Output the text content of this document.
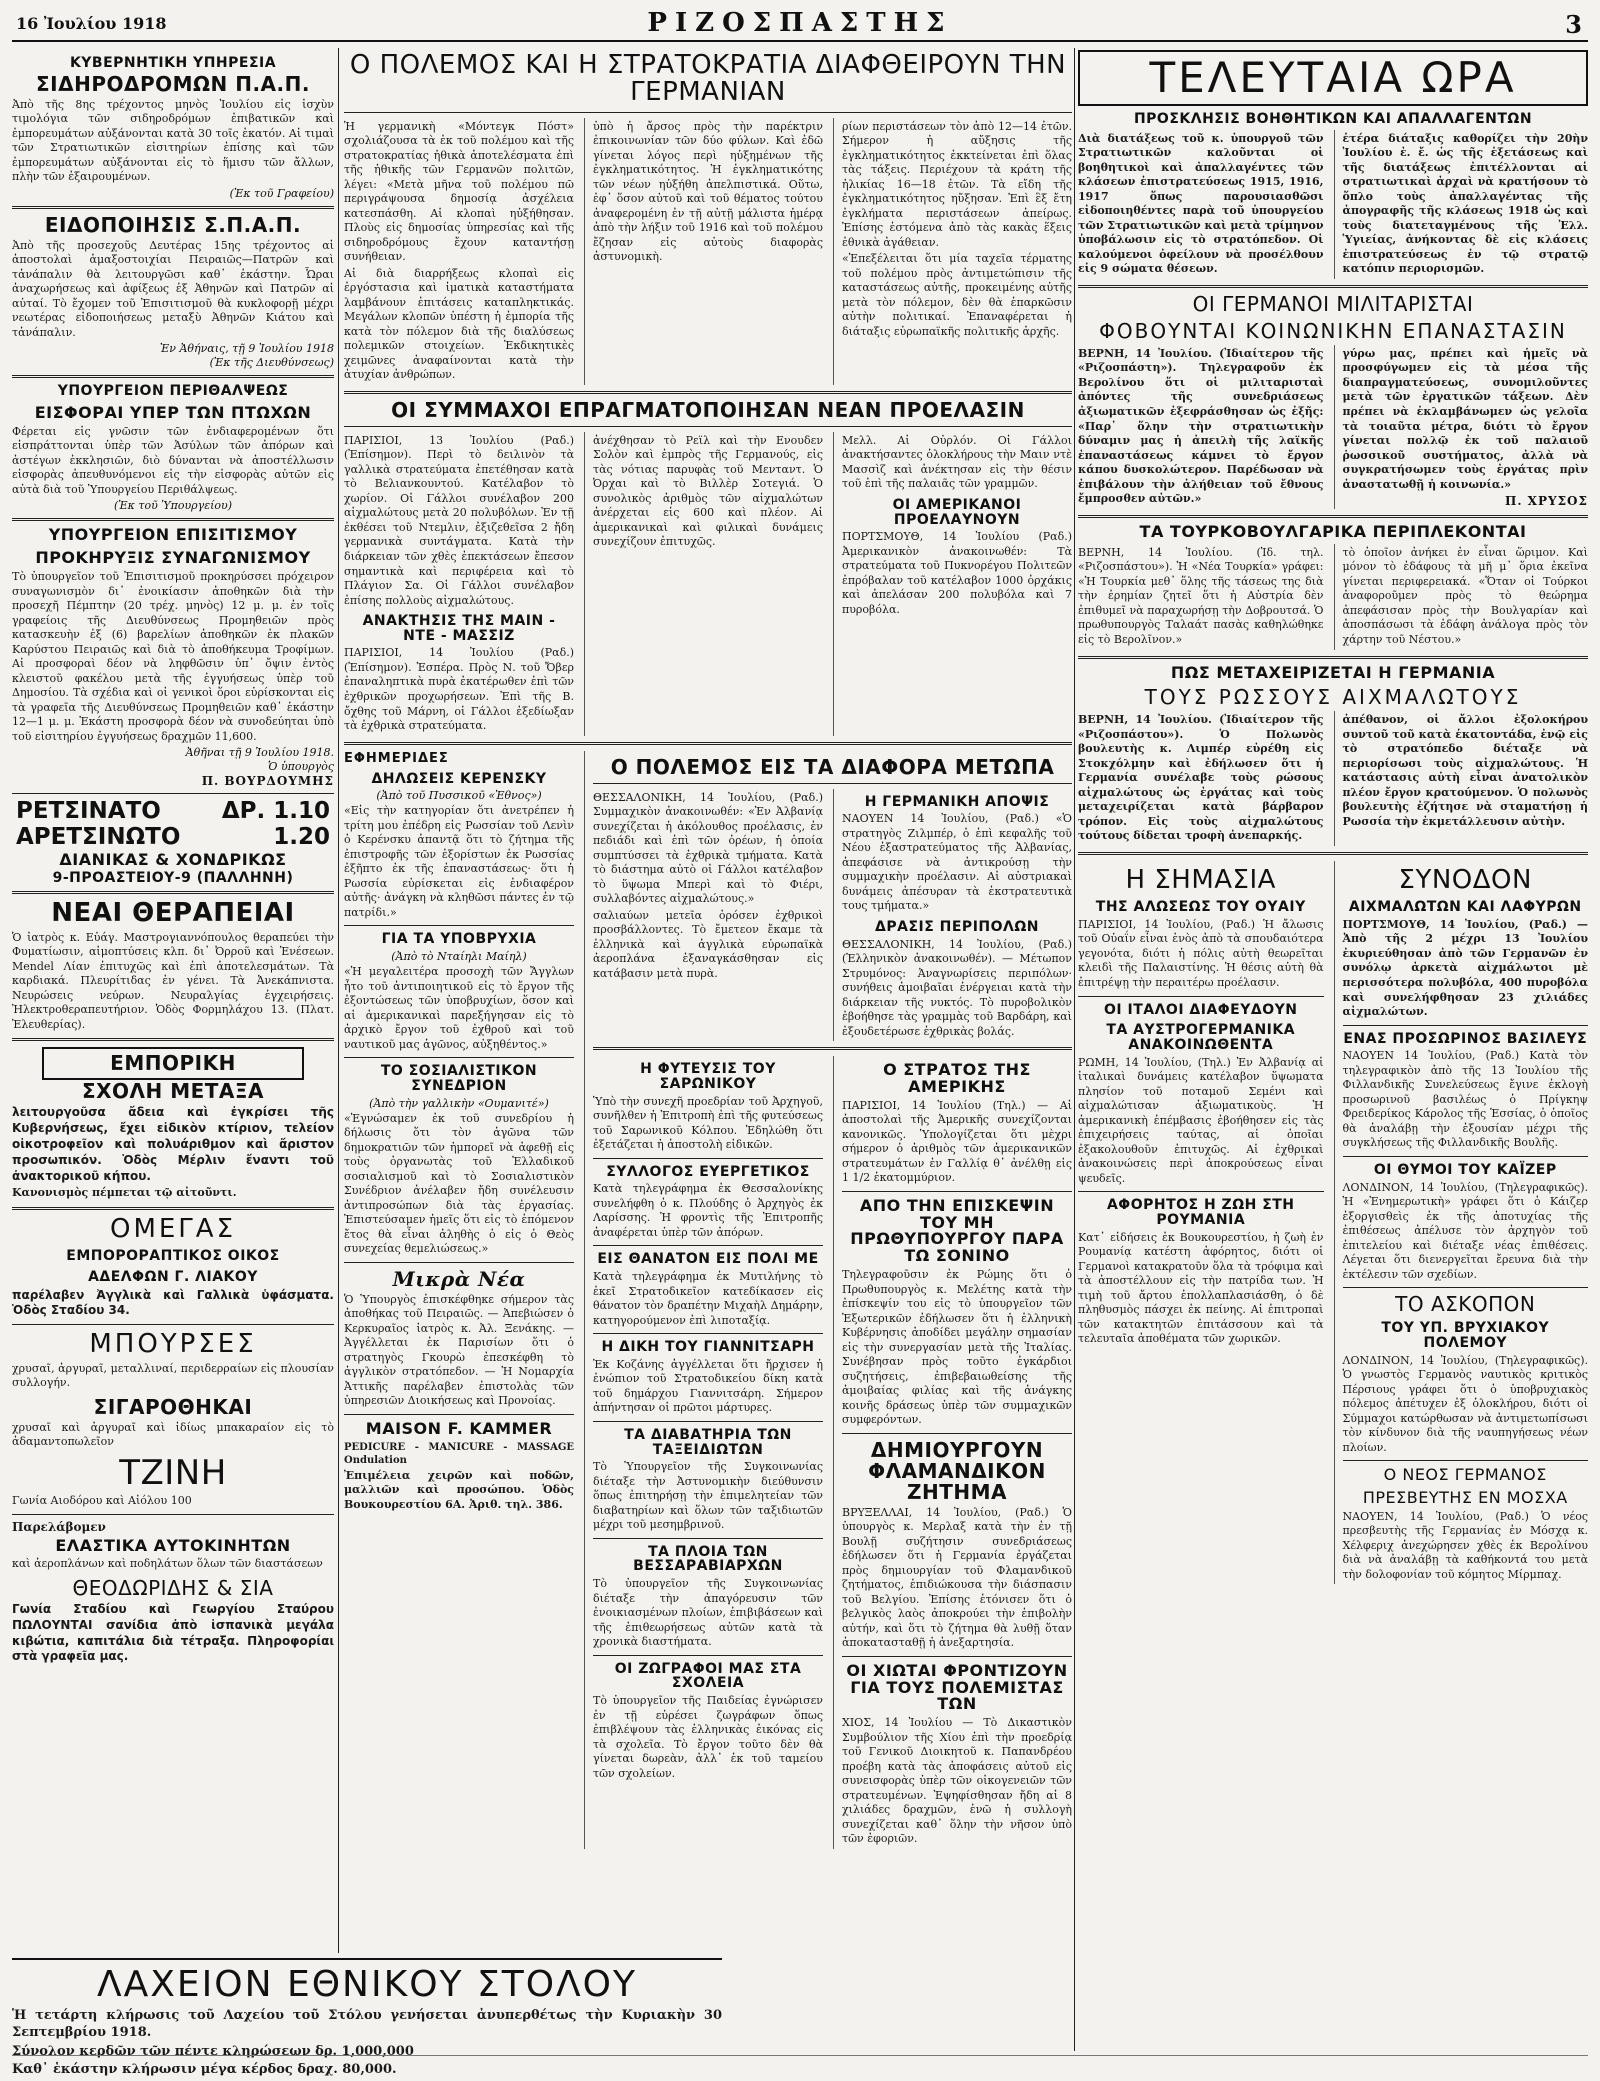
16 Ἰουλίου 1918	ΡΙΖΟΣΠΑΣΤΗΣ	3
ΚΥΒΕΡΝΗΤΙΚΗ ΥΠΗΡΕΣΙΑ
ΣΙΔΗΡΟΔΡΟΜΩΝ Π.Α.Π.

Ἀπὸ τῆς 8ης τρέχοντος μηνὸς Ἰουλίου εἰς ἰσχὺν τιμολόγια τῶν σιδηροδρόμων ἐπιβατικῶν καὶ ἐμπορευμάτων αὐξάνονται κατὰ 30 τοῖς ἑκατόν. Αἱ τιμαὶ τῶν Στρατιωτικῶν εἰσιτηρίων ἐπίσης καὶ τῶν ἐμπορευμάτων αὐξάνονται εἰς τὸ ἥμισυ τῶν ἄλλων, πλὴν τῶν ἐξαιρουμένων.

(Ἐκ τοῦ Γραφείου)

ΕΙΔΟΠΟΙΗΣΙΣ Σ.Π.Α.Π.

Ἀπὸ τῆς προσεχοῦς Δευτέρας 15ης τρέχοντος αἱ ἀποστολαὶ ἁμαξοστοιχίαι Πειραιῶς—Πατρῶν καὶ τἀνάπαλιν θὰ λειτουργῶσι καθ᾽ ἑκάστην. Ὧραι ἀναχωρήσεως καὶ ἀφίξεως ἐξ Ἀθηνῶν καὶ Πατρῶν αἱ αὐταί. Τὸ ἔχομεν τοῦ Ἐπισιτισμοῦ θὰ κυκλοφορῇ μέχρι νεωτέρας εἰδοποιήσεως μεταξὺ Ἀθηνῶν Κιάτου καὶ τἀνάπαλιν.

Ἐν Ἀθήναις, τῇ 9 Ἰουλίου 1918

(Ἐκ τῆς Διευθύνσεως)

ΥΠΟΥΡΓΕΙΟΝ ΠΕΡΙΘΑΛΨΕΩΣ
ΕΙΣΦΟΡΑΙ ΥΠΕΡ ΤΩΝ ΠΤΩΧΩΝ

Φέρεται εἰς γνῶσιν τῶν ἐνδιαφερομένων ὅτι εἰσπράττονται ὑπὲρ τῶν Ἀσύλων τῶν ἀπόρων καὶ ἀστέγων ἐκκλησιῶν, διὸ δύνανται νὰ ἀποστέλλωσιν εἰσφορὰς ἀπευθυνόμενοι εἰς τὴν εἰσφορὰς αὐτῶν εἰς αὐτὰ διὰ τοῦ Ὑπουργείου Περιθάλψεως.

(Ἐκ τοῦ Ὑπουργείου)

ΥΠΟΥΡΓΕΙΟΝ ΕΠΙΣΙΤΙΣΜΟΥ
ΠΡΟΚΗΡΥΞΙΣ ΣΥΝΑΓΩΝΙΣΜΟΥ

Τὸ ὑπουργεῖον τοῦ Ἐπισιτισμοῦ προκηρύσσει πρόχειρον συναγωνισμὸν δι᾽ ἐνοικίασιν ἀποθηκῶν διὰ τὴν προσεχῆ Πέμπτην (20 τρέχ. μηνὸς) 12 μ. μ. ἐν τοῖς γραφείοις τῆς Διευθύνσεως Προμηθειῶν πρὸς κατασκευὴν ἐξ (6) βαρελίων ἀποθηκῶν ἐκ πλακῶν Καρύστου Πειραιῶς καὶ διὰ τὸ ἀποθήκευμα Τροφίμων. Αἱ προσφοραὶ δέον νὰ ληφθῶσιν ὑπ᾽ ὄψιν ἐντὸς κλειστοῦ φακέλου μετὰ τῆς ἐγγυήσεως ὑπὲρ τοῦ Δημοσίου. Τὰ σχέδια καὶ οἱ γενικοὶ ὅροι εὑρίσκονται εἰς τὰ γραφεῖα τῆς Διευθύνσεως Προμηθειῶν καθ᾽ ἑκάστην 12—1 μ. μ. Ἑκάστη προσφορὰ δέον νὰ συνοδεύηται ὑπὸ τοῦ εἰσιτηρίου ἐγγυήσεως δραχμῶν 11,600.

Ἀθῆναι τῇ 9 Ἰουλίου 1918.

Ὁ ὑπουργὸς

Π. ΒΟΥΡΔΟΥΜΗΣ

ΡΕΤΣΙΝΑΤΟ	ΔΡ. 1.10
ΑΡΕΤΣΙΝΩΤΟ	1.20
ΔΙΑΝΙΚΑΣ & ΧΟΝΔΡΙΚΩΣ
9-ΠΡΟΑΣΤΕΙΟΥ-9 (ΠΑΛΛΗΝΗ)
ΝΕΑΙ ΘΕΡΑΠΕΙΑΙ

Ὁ ἰατρὸς κ. Εὐάγ. Μαστρογιαννόπουλος θεραπεύει τὴν Φυματίωσιν, αἱμοπτύσεις κλπ. δι᾽ Ὀρροῦ καὶ Ἐνέσεων. Mendel Λίαν ἐπιτυχῶς καὶ ἐπὶ ἀποτελεσμάτων. Τὰ καρδιακά. Πλευρίτιδας ἐν γένει. Τὰ Ἀνεκάπνιστα. Νευρώσεις νεύρων. Νευραλγίας ἐγχειρήσεις. Ἠλεκτροθεραπευτήριον. Ὁδὸς Φορμηλάχου 13. (Πλατ. Ἐλευθερίας).

ΕΜΠΟΡΙΚΗ
ΣΧΟΛΗ ΜΕΤΑΞΑ

λειτουργοῦσα ἄδεια καὶ ἐγκρίσει τῆς Κυβερνήσεως, ἔχει εἰδικὸν κτίριον, τελείον οἰκοτροφεῖον καὶ πολυάριθμον καὶ ἄριστον προσωπικόν. Ὁδὸς Μέρλιν ἔναντι τοῦ ἀνακτορικοῦ κήπου.

Κανονισμὸς πέμπεται τῷ αἰτοῦντι.

ΟΜΕΓΑΣ
ΕΜΠΟΡΟΡΑΠΤΙΚΟΣ ΟΙΚΟΣ
ΑΔΕΛΦΩΝ Γ. ΛΙΑΚΟΥ

παρέλαβεν Ἀγγλικὰ καὶ Γαλλικὰ ὑφάσματα. Ὁδὸς Σταδίου 34.

ΜΠΟΥΡΣΕΣ

χρυσαῖ, ἀργυραῖ, μεταλλιναί, περιδερραίων εἰς πλουσίαν συλλογήν.

ΣΙΓΑΡΟΘΗΚΑΙ

χρυσαῖ καὶ ἀργυραῖ καὶ ἰδίως μπακαραίον εἰς τὸ ἀδαμαντοπωλεῖον

ΤΖΙΝΗ

Γωνία Αιοδόρου καὶ Αἰόλου 100

Παρελάβομεν

ΕΛΑΣΤΙΚΑ ΑΥΤΟΚΙΝΗΤΩΝ

καὶ ἀεροπλάνων καὶ ποδηλάτων ὅλων τῶν διαστάσεων

ΘΕΟΔΩΡΙΔΗΣ & ΣΙΑ

Γωνία Σταδίου καὶ Γεωργίου Σταύρου ΠΩΛΟΥΝΤΑΙ σανίδια ἀπὸ ἰσπανικὰ μεγάλα κιβώτια, καπιτάλια διὰ τέτραξα. Πληροφορίαι στὰ γραφεῖα μας.

Ο ΠΟΛΕΜΟΣ ΚΑΙ Η ΣΤΡΑΤΟΚΡΑΤΙΑ ΔΙΑΦΘΕΙΡΟΥΝ ΤΗΝ ΓΕΡΜΑΝΙΑΝ

Ἡ γερμανικὴ «Μόντεγκ Πόστ» σχολιάζουσα τὰ ἐκ τοῦ πολέμου καὶ τῆς στρατοκρατίας ἠθικὰ ἀποτελέσματα ἐπὶ τῆς ἠθικῆς τῶν Γερμανῶν πολιτῶν, λέγει: «Μετὰ μῆνα τοῦ πολέμου πῶ περιγράψουσα δημοσίᾳ ἀσχέλεια κατεσπάσθη. Αἱ κλοπαὶ ηὐξήθησαν. Πλοὺς εἰς δημοσίας ὑπηρεσίας καὶ τῆς σιδηροδρόμους ἔχουν καταντήσῃ συνήθειαν.

Αἱ διὰ διαρρήξεως κλοπαὶ εἰς ἐργόστασια καὶ ἱματικὰ καταστήματα λαμβάνουν ἐπιτάσεις καταπληκτικάς. Μεγάλων κλοπῶν ὑπέστη ἡ ἐμπορία τῆς κατὰ τὸν πόλεμον διὰ τῆς διαλύσεως πολεμικῶν στοιχείων. Ἐκδικητικὲς χειμῶνες ἀναφαίνονται κατὰ τὴν ἀτυχίαν ἀνθρώπων.

ὑπὸ ἡ ἄρσος πρὸς τὴν παρέκτριν ἐπικοινωνίαν τῶν δύο φύλων. Καὶ ἐδῶ γίνεται λόγος περὶ ηὐξημένων τῆς ἐγκληματικότητος. Ἡ ἐγκληματικότης τῶν νέων ηὐξήθη ἀπελπιστικά. Οὕτω, ἐφ᾽ ὅσον αὐτοῦ καὶ τοῦ θέματος τούτου ἀναφερομένη ἐν τῇ αὐτῇ μάλιστα ἡμέρᾳ ἀπὸ τὴν λήξιν τοῦ 1916 καὶ τοῦ πολέμου ἔζησαν εἰς αὐτοὺς διαφορὰς ἀστυνομικὴ.

ρίων περιστάσεων τὸν ἀπὸ 12—14 ἐτῶν. Σήμερον ἡ αὔξησις τῆς ἐγκληματικότητος ἐκκτείνεται ἐπὶ ὅλας τὰς τάξεις. Περιέχουν τὰ κράτη τῆς ἡλικίας 16—18 ἐτῶν. Τὰ εἴδη τῆς ἐγκληματικότητος ηὔξησαν. Ἐπὶ ἓξ ἔτη ἐγκλήματα περιστάσεων ἀπείρως. Ἐπίσης ἐστόμενα ἀπὸ τὰς κακὰς ἕξεις ἐθνικὰ ἀγάθειαν.

«Ἐπεξέλειται ὅτι μία ταχεῖα τέρματης τοῦ πολέμου πρὸς ἀντιμετώπισιν τῆς καταστάσεως αὐτῆς, προκειμένης αὐτῆς μετὰ τὸν πόλεμον, δὲν θὰ ἐπαρκῶσιν αὐτὴν πολιτικαί. Ἐπαναφέρεται ἡ διάταξις εὐρωπαϊκῆς πολιτικῆς ἀρχῆς.

ΟΙ ΣΥΜΜΑΧΟΙ ΕΠΡΑΓΜΑΤΟΠΟΙΗΣΑΝ ΝΕΑΝ ΠΡΟΕΛΑΣΙΝ

ΠΑΡΙΣΙΟΙ, 13 Ἰουλίου (Ραδ.) (Ἐπίσημον). Περὶ τὸ δειλινὸν τὰ γαλλικὰ στρατεύματα ἐπετέθησαν κατὰ τὸ Βελιανκουντού. Κατέλαβον τὸ χωρίον. Οἱ Γάλλοι συνέλαβον 200 αἰχμαλώτους μετὰ 20 πολυβόλων. Ἐν τῇ ἐκθέσει τοῦ Ντεμλιν, ἐξιζεθεῖσα 2 ἤδη γερμανικὰ συντάγματα. Κατὰ τὴν διάρκειαν τῶν χθὲς ἐπεκτάσεων ἔπεσον σημαντικὰ καὶ περιφέρεια καὶ τὸ Πλάγιον Σα. Οἱ Γάλλοι συνέλαβον ἐπίσης πολλοὺς αἰχμαλώτους.

ΑΝΑΚΤΗΣΙΣ ΤΗΣ ΜΑΙΝ - ΝΤΕ - ΜΑΣΣΙΖ

ΠΑΡΙΣΙΟΙ, 14 Ἰουλίου (Ραδ.) (Ἐπίσημον). Ἑσπέρα. Πρὸς Ν. τοῦ Ὄβερ ἐπαναληπτικὰ πυρὰ ἐκατέρωθεν ἐπὶ τῶν ἐχθρικῶν προχωρήσεων. Ἐπὶ τῆς Β. ὄχθης τοῦ Μάρνη, οἱ Γάλλοι ἐξεδίωξαν τὰ ἐχθρικὰ στρατεύματα.

ἀνέχθησαν τὸ Ρεϊλ καὶ τὴν Ενουδεν Σολὸν καὶ ἐμπρὸς τῆς Γερμανούς, εἰς τὰς νότιας παρυφὰς τοῦ Μενταντ. Ὁ Ὀρχαι καὶ τὸ Βιλλὲρ Σοτεγιά. Ὁ συνολικὸς ἀριθμὸς τῶν αἰχμαλώτων ἀνέρχεται εἰς 600 καὶ πλέον. Αἱ ἀμερικανικαὶ καὶ φιλικαὶ δυνάμεις συνεχίζουν ἐπιτυχῶς.

Μελλ. Αἱ Οὐρλόν. Οἱ Γάλλοι ἀνακτήσαντες ὁλοκλήρους τὴν Μαιν ντὲ Μασσὶζ καὶ ἀνέκτησαν εἰς τὴν θέσιν τοῦ ἐπὶ τῆς παλαιᾶς τῶν γραμμῶν.

ΟΙ ΑΜΕΡΙΚΑΝΟΙ ΠΡΟΕΛΑΥΝΟΥΝ

ΠΟΡΤΣΜΟΥΘ, 14 Ἰουλίου (Ραδ.) Ἀμερικανικὸν ἀνακοινωθέν: Τὰ στρατεύματα τοῦ Πυκνορέγου Πολιτεῶν ἐπρόβαλαν τοῦ κατέλαβον 1000 ὀρχάκις καὶ ἀπελάσαν 200 πολυβόλα καὶ 7 πυροβόλα.

ΕΦΗΜΕΡΙΔΕΣ
ΔΗΛΩΣΕΙΣ ΚΕΡΕΝΣΚΥ

(Ἀπὸ τοῦ Πυσσικοῦ «Ἐθνος»)

«Εἰς τὴν κατηγορίαν ὅτι ἀνετρέπεν ἡ τρίτη μου ἐπέδρη εἰς Ρωσσίαν τοῦ Λενὶν ὁ Κερένσκυ ἀπαντᾷ ὅτι τὸ ζήτημα τῆς ἐπιστροφῆς τῶν ἐξορίστων ἐκ Ρωσσίας ἐξῆπτο ἐκ τῆς ἐπαναστάσεως· ὅτι ἡ Ρωσσία εὐρίσκεται εἰς ἐνδιαφέρον αὐτῆς· ἀνάγκη νὰ κληθῶσι πάντες ἐν τῷ πατρίδι.»

ΓΙΑ ΤΑ ΥΠΟΒΡΥΧΙΑ

(Ἀπὸ τὸ Νταίηλι Μαίηλ)

«Ἡ μεγαλειτέρα προσοχὴ τῶν Ἄγγλων ἦτο τοῦ ἀντιποιητικοῦ εἰς τὸ ἔργον τῆς ἐξοντώσεως τῶν ὑποβρυχίων, ὅσον καὶ αἱ ἀμερικανικαὶ παρεξήγησαν εἰς τὸ ἀρχικὸ ἔργον τοῦ ἐχθροῦ καὶ τοῦ ναυτικοῦ μας ἀγῶνος, αὐξηθέντος.»

ΤΟ ΣΟΣΙΑΛΙΣΤΙΚΟΝ ΣΥΝΕΔΡΙΟΝ

(Ἀπὸ τὴν γαλλικὴν «Ουμανιτέ»)

«Ἐγνώσαμεν ἐκ τοῦ συνεδρίου ἡ δήλωσις ὅτι τὸν ἀγῶνα τῶν δημοκρατιῶν τῶν ἠμπορεῖ νὰ ἀφεθῇ εἰς τοὺς ὀργανωτὰς τοῦ Ἑλλαδικοῦ σοσιαλισμοῦ καὶ τὸ Σοσιαλιστικὸν Συνέδριον ἀνέλαβεν ἤδη συνέλευσιν ἀντιπροσώπων διὰ τὰς ἐργασίας. Ἐπιστεύσαμεν ἡμεῖς ὅτι εἰς τὸ ἑπόμενον ἔτος θὰ εἶναι ἀληθὴς ὁ εἰς ὁ Θεὸς συνεχείας θεμελιώσεως.»

Μικρὰ Νέα

Ὁ Ὑπουργὸς ἐπισκέφθηκε σήμερον τὰς ἀποθήκας τοῦ Πειραιῶς. — Ἀπεβιώσεν ὁ Κερκυραῖος ἰατρὸς κ. Ἀλ. Ξενάκης. — Ἀγγέλλεται ἐκ Παρισίων ὅτι ὁ στρατηγὸς Γκουρὼ ἐπεσκέφθη τὸ ἀγγλικὸν στρατόπεδον. — Ἡ Νομαρχία Ἀττικῆς παρέλαβεν ἐπιστολὰς τῶν ὑπηρεσιῶν Διοικήσεως καὶ Προνοίας.

MAISON F. KAMMER

PEDICURE - MANICURE - MASSAGE Ondulation

Ἐπιμέλεια χειρῶν καὶ ποδῶν, μαλλιῶν καὶ προσώπου. Ὁδὸς Βουκουρεστίου 6Α. Ἀριθ. τηλ. 386.

Ο ΠΟΛΕΜΟΣ ΕΙΣ ΤΑ ΔΙΑΦΟΡΑ ΜΕΤΩΠΑ

ΘΕΣΣΑΛΟΝΙΚΗ, 14 Ἰουλίου, (Ραδ.) Συμμαχικὸν ἀνακοινωθέν: «Ἐν Ἀλβανίᾳ συνεχίζεται ἡ ἀκόλουθος προέλασις, ἐν πεδιάδι καὶ ἐπὶ τῶν ὀρέων, ἡ ὁποία συμπτύσσει τὰ ἐχθρικὰ τμήματα. Κατὰ τὸ διάστημα αὐτὸ οἱ Γάλλοι κατέλαβον τὸ ὕψωμα Μπερὶ καὶ τὸ Φιέρι, συλλαβόντες αἰχμαλώτους.»

σαλιαύων μετεῖα ὀρόσεν ἐχθρικοὶ προσβάλλοντες. Τὸ ἔμετεον ἔκαμε τὰ ἑλληνικὰ καὶ ἀγγλικὰ εὐρωπαϊκὰ ἀεροπλάνα ἐξαναγκάσθησαν εἰς κατάβασιν μετὰ πυρὰ.

Η ΓΕΡΜΑΝΙΚΗ ΑΠΟΨΙΣ

ΝΑΟΥΕΝ 14 Ἰουλίου, (Ραδ.) «Ὁ στρατηγὸς Ζιλμπέρ, ὁ ἐπὶ κεφαλῆς τοῦ Νέου ἑξαστρατεύματος τῆς Ἀλβανίας, ἀπεφάσισε νὰ ἀντικρούσῃ τὴν συμμαχικὴν προέλασιν. Αἱ αὐστριακαὶ δυνάμεις ἀπέσυραν τὰ ἐκστρατευτικὰ τους τμήματα.»

ΔΡΑΣΙΣ ΠΕΡΙΠΟΛΩΝ

ΘΕΣΣΑΛΟΝΙΚΗ, 14 Ἰουλίου, (Ραδ.) (Ἑλληνικὸν ἀνακοινωθέν). — Μέτωπον Στρυμόνος: Ἀναγνωρίσεις περιπόλων· συνήθεις ἀμοιβαῖαι ἐνέργειαι κατὰ τὴν διάρκειαν τῆς νυκτός. Τὸ πυροβολικὸν ἐβοήθησε τὰς γραμμὰς τοῦ Βαρδάρη, καὶ ἐξουδετέρωσε ἐχθρικὰς βολάς.

Η ΦΥΤΕΥΣΙΣ ΤΟΥ ΣΑΡΩΝΙΚΟΥ

Ὑπὸ τὴν συνεχῆ προεδρίαν τοῦ Ἀρχηγοῦ, συνῆλθεν ἡ Ἐπιτροπὴ ἐπὶ τῆς φυτεύσεως τοῦ Σαρωνικοῦ Κόλπου. Ἐδηλώθη ὅτι ἐξετάζεται ἡ ἀποστολὴ εἰδικῶν.

ΣΥΛΛΟΓΟΣ ΕΥΕΡΓΕΤΙΚΟΣ

Κατὰ τηλεγράφημα ἐκ Θεσσαλονίκης συνελήφθη ὁ κ. Πλούδης ὁ Ἀρχηγὸς ἐκ Λαρίσσης. Ἡ φροντὶς τῆς Ἐπιτροπῆς ἀναφέρεται ὑπὲρ τῶν ἀπόρων.

ΕΙΣ ΘΑΝΑΤΟΝ ΕΙΣ ΠΟΛΙ ΜΕ

Κατὰ τηλεγράφημα ἐκ Μυτιλήνης τὸ ἐκεῖ Στρατοδικεῖον κατεδίκασεν εἰς θάνατον τὸν δραπέτην Μιχαὴλ Δημάρην, κατηγορούμενον ἐπὶ λιποταξίᾳ.

Η ΔΙΚΗ ΤΟΥ ΓΙΑΝΝΙΤΣΑΡΗ

Ἐκ Κοζάνης ἀγγέλλεται ὅτι ἤρχισεν ἡ ἐνώπιον τοῦ Στρατοδικείου δίκη κατὰ τοῦ δημάρχου Γιαννιτσάρη. Σήμερον ἀπήντησαν οἱ πρῶτοι μάρτυρες.

ΤΑ ΔΙΑΒΑΤΗΡΙΑ ΤΩΝ ΤΑΞΕΙΔΙΩΤΩΝ

Τὸ Ὑπουργεῖον τῆς Συγκοινωνίας διέταξε τὴν Ἀστυνομικὴν διεύθυνσιν ὅπως ἐπιτηρήσῃ τὴν ἐπιμελητείαν τῶν διαβατηρίων καὶ ὅλων τῶν ταξιδιωτῶν μέχρι τοῦ μεσημβρινοῦ.

ΤΑ ΠΛΟΙΑ ΤΩΝ ΒΕΣΣΑΡΑΒΙΑΡΧΩΝ

Τὸ ὑπουργεῖον τῆς Συγκοινωνίας διέταξε τὴν ἀπαγόρευσιν τῶν ἐνοικιασμένων πλοίων, ἐπιβιβάσεων καὶ τῆς ἐπιθεωρήσεως αὐτῶν κατὰ τὰ χρονικὰ διαστήματα.

ΟΙ ΖΩΓΡΑΦΟΙ ΜΑΣ ΣΤΑ ΣΧΟΛΕΙΑ

Τὸ ὑπουργεῖον τῆς Παιδείας ἐγνώρισεν ἐν τῇ εὐρέσει ζωγράφων ὅπως ἐπιβλέψουν τὰς ἑλληνικὰς ἐικόνας εἰς τὰ σχολεῖα. Τὸ ἔργον τοῦτο δὲν θὰ γίνεται δωρεὰν, ἀλλ᾽ ἐκ τοῦ ταμείου τῶν σχολείων.

Ο ΣΤΡΑΤΟΣ ΤΗΣ ΑΜΕΡΙΚΗΣ

ΠΑΡΙΣΙΟΙ, 14 Ἰουλίου (Τηλ.) — Αἱ ἀποστολαὶ τῆς Ἀμερικῆς συνεχίζονται κανονικῶς. Ὑπολογίζεται ὅτι μὲχρι σήμερον ὁ ἀριθμὸς τῶν ἀμερικανικῶν στρατευμάτων ἐν Γαλλίᾳ θ᾽ ἀνέλθῃ εἰς 1 1/2 ἑκατομμύριον.

ΑΠΟ ΤΗΝ ΕΠΙΣΚΕΨΙΝ ΤΟΥ ΜΗ ΠΡΩΘΥΠΟΥΡΓΟΥ ΠΑΡΑ ΤΩ ΣΟΝΙΝΟ

Τηλεγραφοῦσιν ἐκ Ρώμης ὅτι ὁ Πρωθυπουργὸς κ. Μελέτης κατὰ τὴν ἐπίσκεψίν του εἰς τὸ ὑπουργεῖον τῶν Ἐξωτερικῶν ἐδήλωσεν ὅτι ἡ ἑλληνικὴ Κυβέρνησις ἀποδίδει μεγάλην σημασίαν εἰς τὴν συνεργασίαν μετὰ τῆς Ἰταλίας. Συνέβησαν πρὸς τοῦτο ἐγκάρδιοι συζητήσεις, ἐπιβεβαιωθείσης τῆς ἀμοιβαίας φιλίας καὶ τῆς ἀνάγκης κοινῆς δράσεως ὑπὲρ τῶν συμμαχικῶν συμφερόντων.

ΔΗΜΙΟΥΡΓΟΥΝ ΦΛΑΜΑΝΔΙΚΟΝ ΖΗΤΗΜΑ

ΒΡΥΞΕΛΛΑΙ, 14 Ἰουλίου, (Ραδ.) Ὁ ὑπουργὸς κ. Μερλαξ κατὰ τὴν ἐν τῇ Βουλῇ συζήτησιν συνεδριάσεως ἐδήλωσεν ὅτι ἡ Γερμανία ἐργάζεται πρὸς δημιουργίαν τοῦ Φλαμανδικοῦ ζητήματος, ἐπιδιώκουσα τὴν διάσπασιν τοῦ Βελγίου. Ἐπίσης ἐτόνισεν ὅτι ὁ βελγικὸς λαὸς ἀποκρούει τὴν ἐπιβολὴν αὐτήν, καὶ ὅτι τὸ ζήτημα θὰ λυθῇ ὅταν ἀποκατασταθῇ ἡ ἀνεξαρτησία.

ΟΙ ΧΙΩΤΑΙ ΦΡΟΝΤΙΖΟΥΝ ΓΙΑ ΤΟΥΣ ΠΟΛΕΜΙΣΤΑΣ ΤΩΝ

ΧΙΟΣ, 14 Ἰουλίου — Τὸ Δικαστικὸν Συμβούλιον τῆς Χίου ἐπὶ τὴν προεδρίᾳ τοῦ Γενικοῦ Διοικητοῦ κ. Παπανδρέου προέβη κατὰ τὰς ἀποφάσεις αὐτοῦ εἰς συνεισφορὰς ὑπὲρ τῶν οἰκογενειῶν τῶν στρατευμένων. Ἐψηφίσθησαν ἤδη αἱ 8 χιλιάδες δραχμῶν, ἐνῶ ἡ συλλογὴ συνεχίζεται καθ᾽ ὅλην τὴν νῆσον ὑπὸ τῶν ἐφοριῶν.

ΤΕΛΕΥΤΑΙΑ ΩΡΑ
ΠΡΟΣΚΛΗΣΙΣ ΒΟΗΘΗΤΙΚΩΝ ΚΑΙ ΑΠΑΛΛΑΓΕΝΤΩΝ

Διὰ διατάξεως τοῦ κ. ὑπουργοῦ τῶν Στρατιωτικῶν καλοῦνται οἱ βοηθητικοὶ καὶ ἀπαλλαγέντες τῶν κλάσεων ἐπιστρατεύσεως 1915, 1916, 1917 ὅπως παρουσιασθῶσι εἰδοποιηθέντες παρὰ τοῦ ὑπουργείου τῶν Στρατιωτικῶν καὶ μετὰ τρίμηνον ὑποβάλωσιν εἰς τὸ στρατόπεδον. Οἱ καλούμενοι ὀφείλουν νὰ προσέλθουν εἰς 9 σώματα θέσεων.

ἑτέρα διάταξις καθορίζει τὴν 20ὴν Ἰουλίου ἐ. ἔ. ὡς τῆς ἐξετάσεως καὶ τῆς διατάξεως ἐπιτέλλονται αἱ στρατιωτικαὶ ἀρχαὶ νὰ κρατήσουν τὸ ὅπλο τοὺς ἀπαλλαγέντας τῆς ἀπογραφῆς τῆς κλάσεως 1918 ὡς καὶ τοὺς διατεταγμένους τῆς Ἐλλ. Ὑγιείας, ἀνήκοντας δὲ εἰς κλάσεις ἐπιστρατεύσεως ἐν τῷ στρατῷ κατόπιν περιορισμῶν.

ΟΙ ΓΕΡΜΑΝΟΙ ΜΙΛΙΤΑΡΙΣΤΑΙ
ΦΟΒΟΥΝΤΑΙ ΚΟΙΝΩΝΙΚΗΝ ΕΠΑΝΑΣΤΑΣΙΝ

ΒΕΡΝΗ, 14 Ἰουλίου. (Ἰδιαίτερον τῆς «Ριζοσπάστη»). Τηλεγραφοῦν ἐκ Βερολίνου ὅτι οἱ μιλιταρισταὶ ἀπόντες τῆς συνεδριάσεως ἀξιωματικῶν ἐξεφράσθησαν ὡς ἐξῆς: «Παρ᾽ ὅλην τὴν στρατιωτικὴν δύναμιν μας ἡ ἀπειλὴ τῆς λαϊκῆς ἐπαναστάσεως κάμνει τὸ ἔργον κάπου δυσκολώτερον. Παρέδωσαν νὰ ἐπιβάλουν τὴν ἀλήθειαν τοῦ ἔθνους ἔμπροσθεν αὐτῶν.»

γύρω μας, πρέπει καὶ ἡμεῖς νὰ προσφύγωμεν εἰς τὰ μέσα τῆς διαπραγματεύσεως, συνομιλοῦντες μετὰ τῶν ἐργατικῶν τάξεων. Δὲν πρέπει νὰ ἐκλαμβάνωμεν ὡς γελοῖα τὰ τοιαῦτα μέτρα, διότι τὸ ἔργον γίνεται πολλῷ ἐκ τοῦ παλαιοῦ ῥωσσικοῦ συστήματος, ἀλλὰ νὰ συγκρατήσωμεν τοὺς ἐργάτας πρὶν ἀναστατωθῇ ἡ κοινωνία.»

Π. ΧΡΥΣΟΣ

ΤΑ ΤΟΥΡΚΟΒΟΥΛΓΑΡΙΚΑ ΠΕΡΙΠΛΕΚΟΝΤΑΙ

ΒΕΡΝΗ, 14 Ἰουλίου. (Ἰδ. τηλ. «Ριζοσπάστου»). Ἡ «Νέα Τουρκία» γράφει: «Ἡ Τουρκία μεθ᾽ ὅλης τῆς τάσεως της διὰ τὴν ἐρημίαν ζητεῖ ὅτι ἡ Αὐστρία δὲν ἐπιθυμεῖ νὰ παραχωρήσῃ τὴν Δοβρουτσά. Ὁ πρωθυπουργὸς Ταλαάτ πασὰς καθηλώθηκε εἰς τὸ Βερολῖνον.»

τὸ ὁποῖον ἀνήκει ἐν εἶναι ὥριμον. Καὶ μόνον τὸ ἐδάφους τὰ μῆ μ᾽ ὅρια ἐκεῖνα γίνεται περιφερειακά. «Ὅταν οἱ Τούρκοι ἀναφοροῦμεν πρὸς τὸ θεώρημα ἀπεφάσισαν πρὸς τὴν Βουλγαρίαν καὶ ἀποσπάσωσι τὰ ἐδάφη ἀνάλογα πρὸς τὸν χάρτην τοῦ Νέστου.»

ΠΩΣ ΜΕΤΑΧΕΙΡΙΖΕΤΑΙ Η ΓΕΡΜΑΝΙΑ
ΤΟΥΣ ΡΩΣΣΟΥΣ ΑΙΧΜΑΛΩΤΟΥΣ

ΒΕΡΝΗ, 14 Ἰουλίου. (Ἰδιαίτερον τῆς «Ριζοσπάστου»). Ὁ Πολωνὸς βουλευτὴς κ. Λιμπέρ εὑρέθη εἰς Στοκχόλμην καὶ ἐδήλωσεν ὅτι ἡ Γερμανία συνέλαβε τοὺς ρώσους αἰχμαλώτους ὡς ἐργάτας καὶ τοὺς μεταχειρίζεται κατὰ βάρβαρον τρόπον. Εἰς τοὺς αἰχμαλώτους τούτους δίδεται τροφὴ ἀνεπαρκής.

ἀπέθανον, οἱ ἄλλοι ἐξολοκήρου συντοῦ τοῦ κατὰ ἑκατοντάδα, ἐνῷ εἰς τὸ στρατόπεδο διέταξε νὰ περιορίσωσι τοὺς αἰχμαλώτους. Ἡ κατάστασις αὐτὴ εἶναι ἀνατολικὸν πλέον ἔργον κρατούμενον. Ὁ πολωνὸς βουλευτὴς ἐζήτησε νὰ σταματήσῃ ἡ Ρωσσία τὴν ἐκμετάλλευσιν αὐτὴν.

Η ΣΗΜΑΣΙΑ
ΤΗΣ ΑΛΩΣΕΩΣ ΤΟΥ ΟΥΑΙΥ

ΠΑΡΙΣΙΟΙ, 14 Ἰουλίου, (Ραδ.) Ἡ ἄλωσις τοῦ Οὐαΐν εἶναι ἑνὸς ἀπὸ τὰ σπουδαιότερα γεγονότα, διότι ἡ πόλις αὐτὴ θεωρεῖται κλειδὶ τῆς Παλαιστίνης. Ἡ θέσις αὐτὴ θὰ ἐπιτρέψῃ τὴν περαιτέρω προέλασιν.

ΟΙ ΙΤΑΛΟΙ ΔΙΑΦΕΥΔΟΥΝ
ΤΑ ΑΥΣΤΡΟΓΕΡΜΑΝΙΚΑ ΑΝΑΚΟΙΝΩΘΕΝΤΑ

ΡΩΜΗ, 14 Ἰουλίου, (Τηλ.) Ἐν Ἀλβανίᾳ αἱ ἰταλικαὶ δυνάμεις κατέλαβον ὕψωματα πλησίον τοῦ ποταμοῦ Σεμένι καὶ αἰχμαλώτισαν ἀξιωματικοὺς. Ἡ ἀμερικανικὴ ἐπέμβασις ἐβοήθησεν εἰς τὰς ἐπιχειρήσεις ταύτας, αἱ ὁποῖαι ἐξακολουθοῦν ἐπιτυχῶς. Αἱ ἐχθρικαὶ ἀνακοινώσεις περὶ ἀποκρούσεως εἶναι ψευδεῖς.

ΑΦΟΡΗΤΟΣ Η ΖΩΗ ΣΤΗ ΡΟΥΜΑΝΙΑ

Κατ᾽ εἰδήσεις ἐκ Βουκουρεστίου, ἡ ζωὴ ἐν Ρουμανίᾳ κατέστη ἀφόρητος, διότι οἱ Γερμανοὶ κατακρατοῦν ὅλα τὰ τρόφιμα καὶ τὰ ἀποστέλλουν εἰς τὴν πατρίδα των. Ἡ τιμὴ τοῦ ἄρτου ἐπολλαπλασιάσθη, ὁ δὲ πληθυσμὸς πάσχει ἐκ πείνης. Αἱ ἐπιτροπαὶ τῶν κατακτητῶν ἐπιτάσσουν καὶ τὰ τελευταῖα ἀποθέματα τῶν χωρικῶν.

ΣΥΝΟΔΟΝ
ΑΙΧΜΑΛΩΤΩΝ ΚΑΙ ΛΑΦΥΡΩΝ

ΠΟΡΤΣΜΟΥΘ, 14 Ἰουλίου, (Ραδ.) — Ἀπὸ τῆς 2 μέχρι 13 Ἰουλίου ἐκυριεύθησαν ἀπὸ τῶν Γερμανῶν ἐν συνόλῳ ἀρκετὰ αἰχμάλωτοι μὲ περισσότερα πολυβόλα, 400 πυροβόλα καὶ συνελήφθησαν 23 χιλιάδες αἰχμαλώτων.

ΕΝΑΣ ΠΡΟΣΩΡΙΝΟΣ ΒΑΣΙΛΕΥΣ

ΝΑΟΥΕΝ 14 Ἰουλίου, (Ραδ.) Κατὰ τὸν τηλεγραφικὸν ἀπὸ τῆς 13 Ἰουλίου τῆς Φιλλανδικῆς Συνελεύσεως ἔγινε ἐκλογὴ προσωρινοῦ βασιλέως ὁ Πρίγκηψ Φρειδερίκος Κάρολος τῆς Ἑσσίας, ὁ ὁποῖος θὰ ἀναλάβῃ τὴν ἐξουσίαν μέχρι τῆς συγκλήσεως τῆς Φιλλανδικῆς Βουλῆς.

ΟΙ ΘΥΜΟΙ ΤΟΥ ΚΑΪΖΕΡ

ΛΟΝΔΙΝΟΝ, 14 Ἰουλίου, (Τηλεγραφικῶς). Ἡ «Ἐνημερωτικὴ» γράφει ὅτι ὁ Κάιζερ ἐξοργισθεὶς ἐκ τῆς ἀποτυχίας τῆς ἐπιθέσεως ἀπέλυσε τὸν ἀρχηγὸν τοῦ ἐπιτελείου καὶ διέταξε νέας ἐπιθέσεις. Λέγεται ὅτι διενεργεῖται ἔρευνα διὰ τὴν ἐκτέλεσιν τῶν σχεδίων.

ΤΟ ΑΣΚΟΠΟΝ
ΤΟΥ ΥΠ. ΒΡΥΧΙΑΚΟΥ ΠΟΛΕΜΟΥ

ΛΟΝΔΙΝΟΝ, 14 Ἰουλίου, (Τηλεγραφικῶς). Ὁ γνωστὸς Γερμανὸς ναυτικὸς κριτικὸς Πέρσιους γράφει ὅτι ὁ ὑποβρυχιακὸς πόλεμος ἀπέτυχεν ἐξ ὁλοκλήρου, διότι οἱ Σύμμαχοι κατώρθωσαν νὰ ἀντιμετωπίσωσι τὸν κίνδυνον διὰ τῆς ναυπηγήσεως νέων πλοίων.

Ο ΝΕΟΣ ΓΕΡΜΑΝΟΣ
ΠΡΕΣΒΕΥΤΗΣ ΕΝ ΜΟΣΧΑ

ΝΑΟΥΕΝ, 14 Ἰουλίου, (Ραδ.) Ὁ νέος πρεσβευτὴς τῆς Γερμανίας ἐν Μόσχᾳ κ. Χέλφεριχ ἀνεχώρησεν χθὲς ἐκ Βερολίνου διὰ νὰ ἀναλάβῃ τὰ καθήκοντά του μετὰ τὴν δολοφονίαν τοῦ κόμητος Μίρμπαχ.

ΛΑΧΕΙΟΝ ΕΘΝΙΚΟΥ ΣΤΟΛΟΥ

Ἡ τετάρτη κλήρωσις τοῦ Λαχείου τοῦ Στόλου γενήσεται ἀνυπερθέτως τὴν Κυριακὴν 30 Σεπτεμβρίου 1918.

Σύνολον κερδῶν τῶν πέντε κληρώσεων δρ. 1,000,000

Καθ᾽ ἑκάστην κλήρωσιν μέγα κέρδος δραχ. 80,000.
